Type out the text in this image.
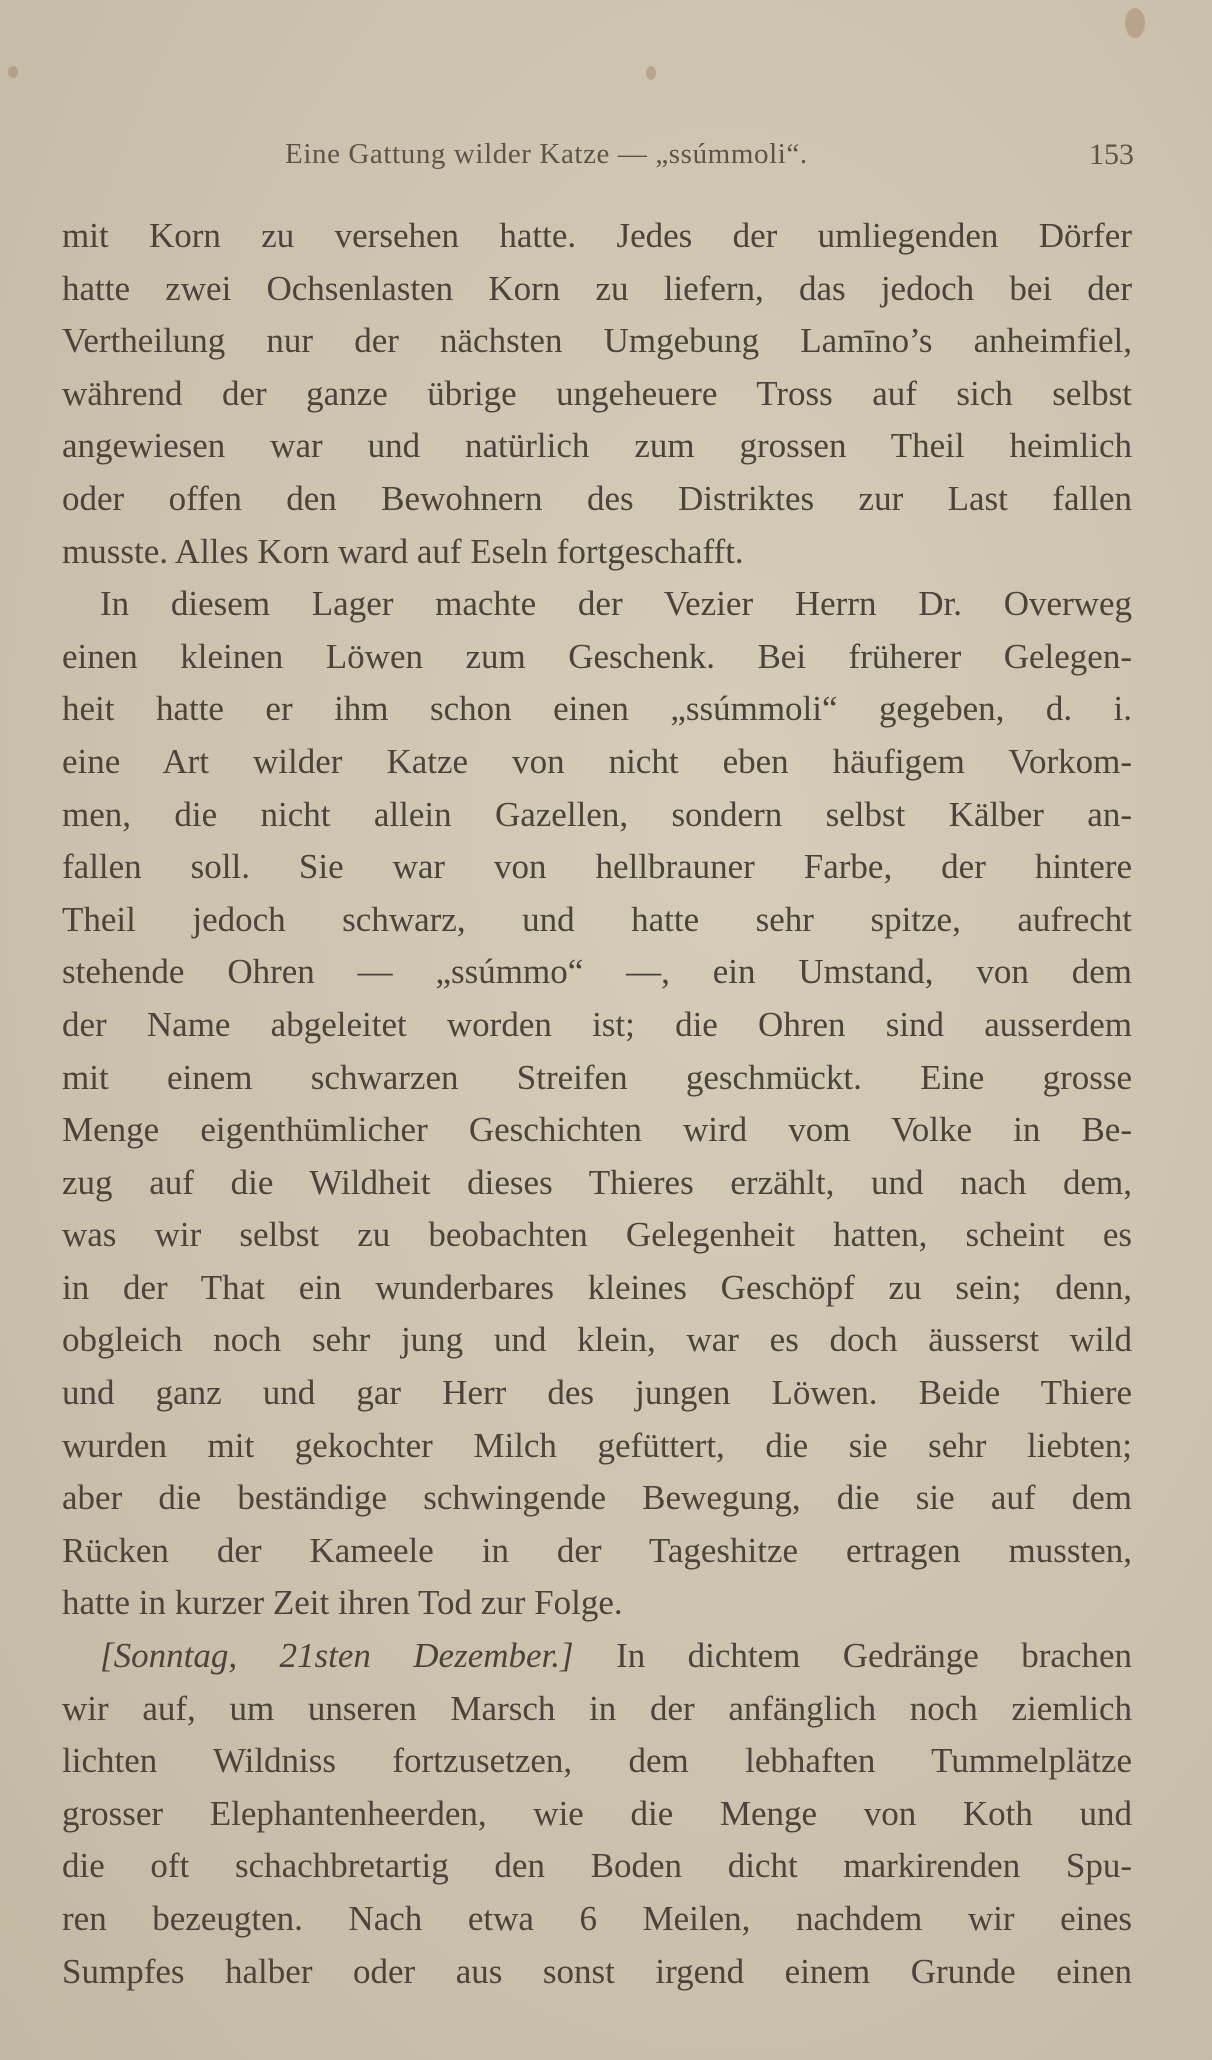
Eine Gattung wilder Katze — „ssúmmoli“.	153
mit Korn zu versehen hatte. Jedes der umliegenden Dörfer
hatte zwei Ochsenlasten Korn zu liefern, das jedoch bei der
Vertheilung nur der nächsten Umgebung Lamīno’s anheimfiel,
während der ganze übrige ungeheuere Tross auf sich selbst
angewiesen war und natürlich zum grossen Theil heimlich
oder offen den Bewohnern des Distriktes zur Last fallen
musste. Alles Korn ward auf Eseln fortgeschafft.
In diesem Lager machte der Vezier Herrn Dr. Overweg
einen kleinen Löwen zum Geschenk. Bei früherer Gelegen-
heit hatte er ihm schon einen „ssúmmoli“ gegeben, d. i.
eine Art wilder Katze von nicht eben häufigem Vorkom-
men, die nicht allein Gazellen, sondern selbst Kälber an-
fallen soll. Sie war von hellbrauner Farbe, der hintere
Theil jedoch schwarz, und hatte sehr spitze, aufrecht
stehende Ohren — „ssúmmo“ —, ein Umstand, von dem
der Name abgeleitet worden ist; die Ohren sind ausserdem
mit einem schwarzen Streifen geschmückt. Eine grosse
Menge eigenthümlicher Geschichten wird vom Volke in Be-
zug auf die Wildheit dieses Thieres erzählt, und nach dem,
was wir selbst zu beobachten Gelegenheit hatten, scheint es
in der That ein wunderbares kleines Geschöpf zu sein; denn,
obgleich noch sehr jung und klein, war es doch äusserst wild
und ganz und gar Herr des jungen Löwen. Beide Thiere
wurden mit gekochter Milch gefüttert, die sie sehr liebten;
aber die beständige schwingende Bewegung, die sie auf dem
Rücken der Kameele in der Tageshitze ertragen mussten,
hatte in kurzer Zeit ihren Tod zur Folge.
[Sonntag, 21sten Dezember.] In dichtem Gedränge brachen
wir auf, um unseren Marsch in der anfänglich noch ziemlich
lichten Wildniss fortzusetzen, dem lebhaften Tummelplätze
grosser Elephantenheerden, wie die Menge von Koth und
die oft schachbretartig den Boden dicht markirenden Spu-
ren bezeugten. Nach etwa 6 Meilen, nachdem wir eines
Sumpfes halber oder aus sonst irgend einem Grunde einen
